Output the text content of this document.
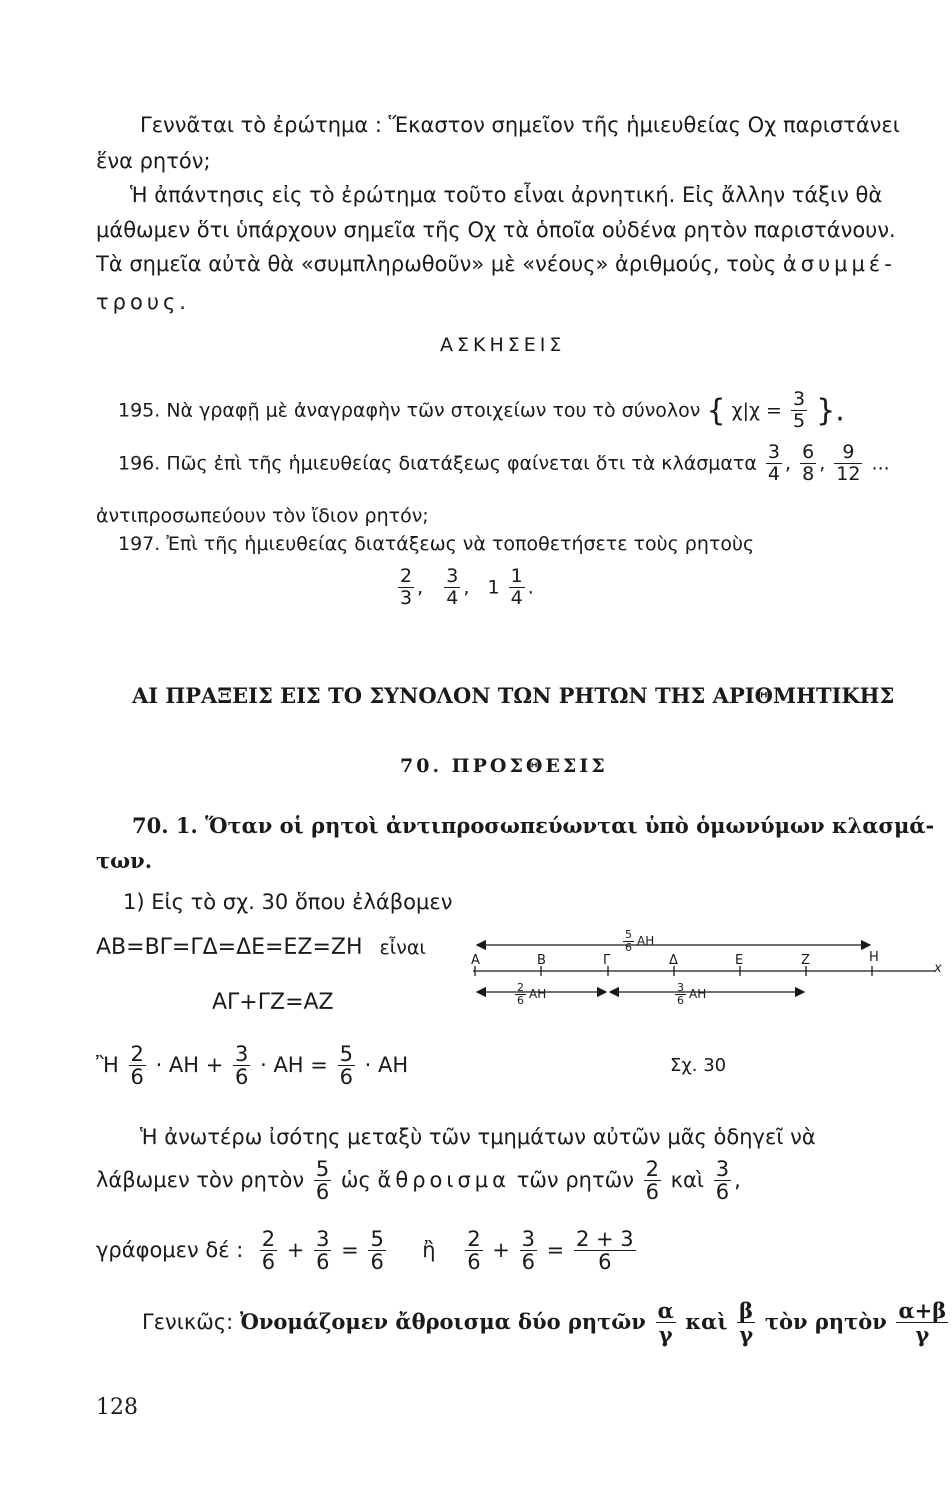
Γεννᾶται τὸ ἐρώτημα : Ἕκαστον σημεῖον τῆς ἡμιευθείας Οχ παριστάνει
ἕνα ρητόν;
Ἡ ἀπάντησις εἰς τὸ ἐρώτημα τοῦτο εἶναι ἀρνητική. Εἰς ἄλλην τάξιν θὰ
μάθωμεν ὅτι ὑπάρχουν σημεῖα τῆς Οχ τὰ ὁποῖα οὐδένα ρητὸν παριστάνουν.
Τὰ σημεῖα αὐτὰ θὰ «συμπληρωθοῦν» μὲ «νέους» ἀριθμούς, τοὺς ἀσυμμέ-
τρους.
ΑΣΚΗΣΕΙΣ
195. Νὰ γραφῇ μὲ ἀναγραφὴν τῶν στοιχείων του τὸ σύνολον { $\chi|\chi = \frac{3}{5}$ }.
196. Πῶς ἐπὶ τῆς ἡμιευθείας διατάξεως φαίνεται ὅτι τὰ κλάσματα $\frac{3}{4}$ , $\frac{6}{8}$ , $\frac{9}{12}$ ...
ἀντιπροσωπεύουν τὸν ἴδιον ρητόν;
197. Ἐπὶ τῆς ἡμιευθείας διατάξεως νὰ τοποθετήσετε τοὺς ρητοὺς
$\frac{2}{3}$ , $\frac{3}{4}$ ,   $1 \frac{1}{4}$ .
ΑΙ ΠΡΑΞΕΙΣ ΕΙΣ ΤΟ ΣΥΝΟΛΟΝ ΤΩΝ ΡΗΤΩΝ ΤΗΣ ΑΡΙΘΜΗΤΙΚΗΣ
70. ΠΡΟΣΘΕΣΙΣ
70. 1. Ὅταν οἱ ρητοὶ ἀντιπροσωπεύωνται ὑπὸ ὁμωνύμων κλασμά-
των.
1) Εἰς τὸ σχ. 30 ὅπου ἐλάβομεν
ΑΒ=ΒΓ=ΓΔ=ΔΕ=ΕΖ=ΖΗ εἶναι
ΑΓ+ΓΖ=ΑΖ
Ἢ $\frac{2}{6} \cdot AH + \frac{3}{6} \cdot AH = \frac{5}{6} \cdot AH$	Σχ. 30
Α	Β	Γ	Δ	Ε	Ζ	Η
x
$\frac{5}{6}$ ΑΗ
$\frac{2}{6}$ ΑΗ	$\frac{3}{6}$ ΑΗ
Ἡ ἀνωτέρω ἰσότης μεταξὺ τῶν τμημάτων αὐτῶν μᾶς ὁδηγεῖ νὰ
λάβωμεν τὸν ρητὸν $\frac{5}{6}$ ὡς ἄθροισμα τῶν ρητῶν $\frac{2}{6}$ καὶ $\frac{3}{6}$ ,
γράφομεν δέ : $\frac{2}{6} + \frac{3}{6} = \frac{5}{6}$ ἢ $\frac{2}{6} + \frac{3}{6} = \frac{2 + 3}{6}$
Γενικῶς: Ὀνομάζομεν ἄθροισμα δύο ρητῶν $\frac{\alpha}{\gamma}$ καὶ $\frac{\beta}{\gamma}$ τὸν ρητὸν $\frac{\alpha+\beta}{\gamma}$
128
